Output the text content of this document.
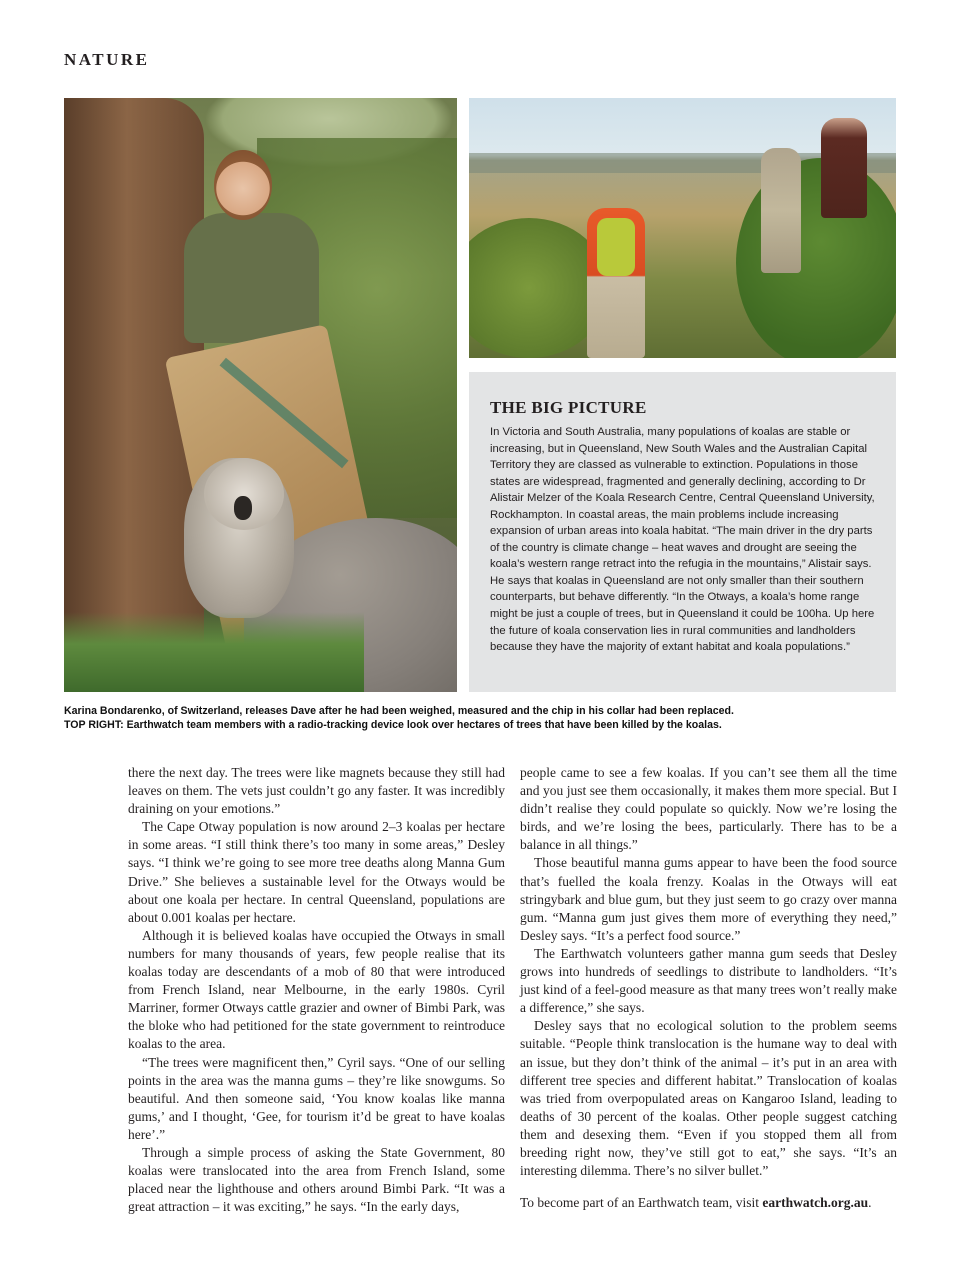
NATURE
THE BIG PICTURE

In Victoria and South Australia, many populations of koalas are stable or increasing, but in Queensland, New South Wales and the Australian Capital Territory they are classed as vulnerable to extinction. Populations in those states are widespread, fragmented and generally declining, according to Dr Alistair Melzer of the Koala Research Centre, Central Queensland University, Rockhampton. In coastal areas, the main problems include increasing expansion of urban areas into koala habitat. “The main driver in the dry parts of the country is climate change – heat waves and drought are seeing the koala’s western range retract into the refugia in the mountains,” Alistair says. He says that koalas in Queensland are not only smaller than their southern counterparts, but behave differently. “In the Otways, a koala’s home range might be just a couple of trees, but in Queensland it could be 100ha. Up here the future of koala conservation lies in rural communities and landholders because they have the majority of extant habitat and koala populations.”

Karina Bondarenko, of Switzerland, releases Dave after he had been weighed, measured and the chip in his collar had been replaced.
TOP RIGHT: Earthwatch team members with a radio-tracking device look over hectares of trees that have been killed by the koalas.

there the next day. The trees were like magnets because they still had leaves on them. The vets just couldn’t go any faster. It was incredibly draining on your emotions.”

The Cape Otway population is now around 2–3 koalas per hectare in some areas. “I still think there’s too many in some areas,” Desley says. “I think we’re going to see more tree deaths along Manna Gum Drive.” She believes a sustainable level for the Otways would be about one koala per hectare. In central Queensland, populations are about 0.001 koalas per hectare.

Although it is believed koalas have occupied the Otways in small numbers for many thousands of years, few people realise that its koalas today are descendants of a mob of 80 that were introduced from French Island, near Melbourne, in the early 1980s. Cyril Marriner, former Otways cattle grazier and owner of Bimbi Park, was the bloke who had petitioned for the state government to reintroduce koalas to the area.

“The trees were magnificent then,” Cyril says. “One of our selling points in the area was the manna gums – they’re like snowgums. So beautiful. And then someone said, ‘You know koalas like manna gums,’ and I thought, ‘Gee, for tourism it’d be great to have koalas here’.”

Through a simple process of asking the State Government, 80 koalas were translocated into the area from French Island, some placed near the lighthouse and others around Bimbi Park. “It was a great attraction – it was exciting,” he says. “In the early days,

people came to see a few koalas. If you can’t see them all the time and you just see them occasionally, it makes them more special. But I didn’t realise they could populate so quickly. Now we’re losing the birds, and we’re losing the bees, particularly. There has to be a balance in all things.”

Those beautiful manna gums appear to have been the food source that’s fuelled the koala frenzy. Koalas in the Otways will eat stringybark and blue gum, but they just seem to go crazy over manna gum. “Manna gum just gives them more of everything they need,” Desley says. “It’s a perfect food source.”

The Earthwatch volunteers gather manna gum seeds that Desley grows into hundreds of seedlings to distribute to landholders. “It’s just kind of a feel-good measure as that many trees won’t really make a difference,” she says.

Desley says that no ecological solution to the problem seems suitable. “People think translocation is the humane way to deal with an issue, but they don’t think of the animal – it’s put in an area with different tree species and different habitat.” Translocation of koalas was tried from overpopulated areas on Kangaroo Island, leading to deaths of 30 percent of the koalas. Other people suggest catching them and desexing them. “Even if you stopped them all from breeding right now, they’ve still got to eat,” she says. “It’s an interesting dilemma. There’s no silver bullet.”

To become part of an Earthwatch team, visit earthwatch.org.au.
